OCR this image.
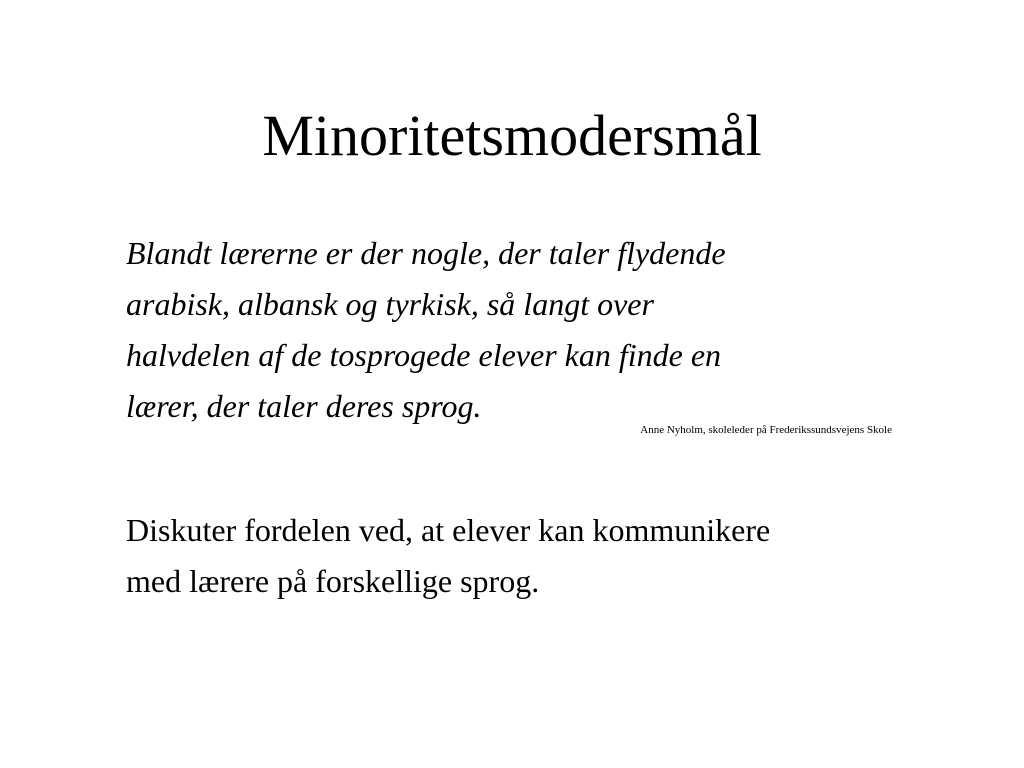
Minoritetsmodersmål

Blandt lærerne er der nogle, der taler flydende
arabisk, albansk og tyrkisk, så langt over
halvdelen af de tosprogede elever kan finde en
lærer, der taler deres sprog.

Anne Nyholm, skoleleder på Frederikssundsvejens Skole

Diskuter fordelen ved, at elever kan kommunikere
med lærere på forskellige sprog.
